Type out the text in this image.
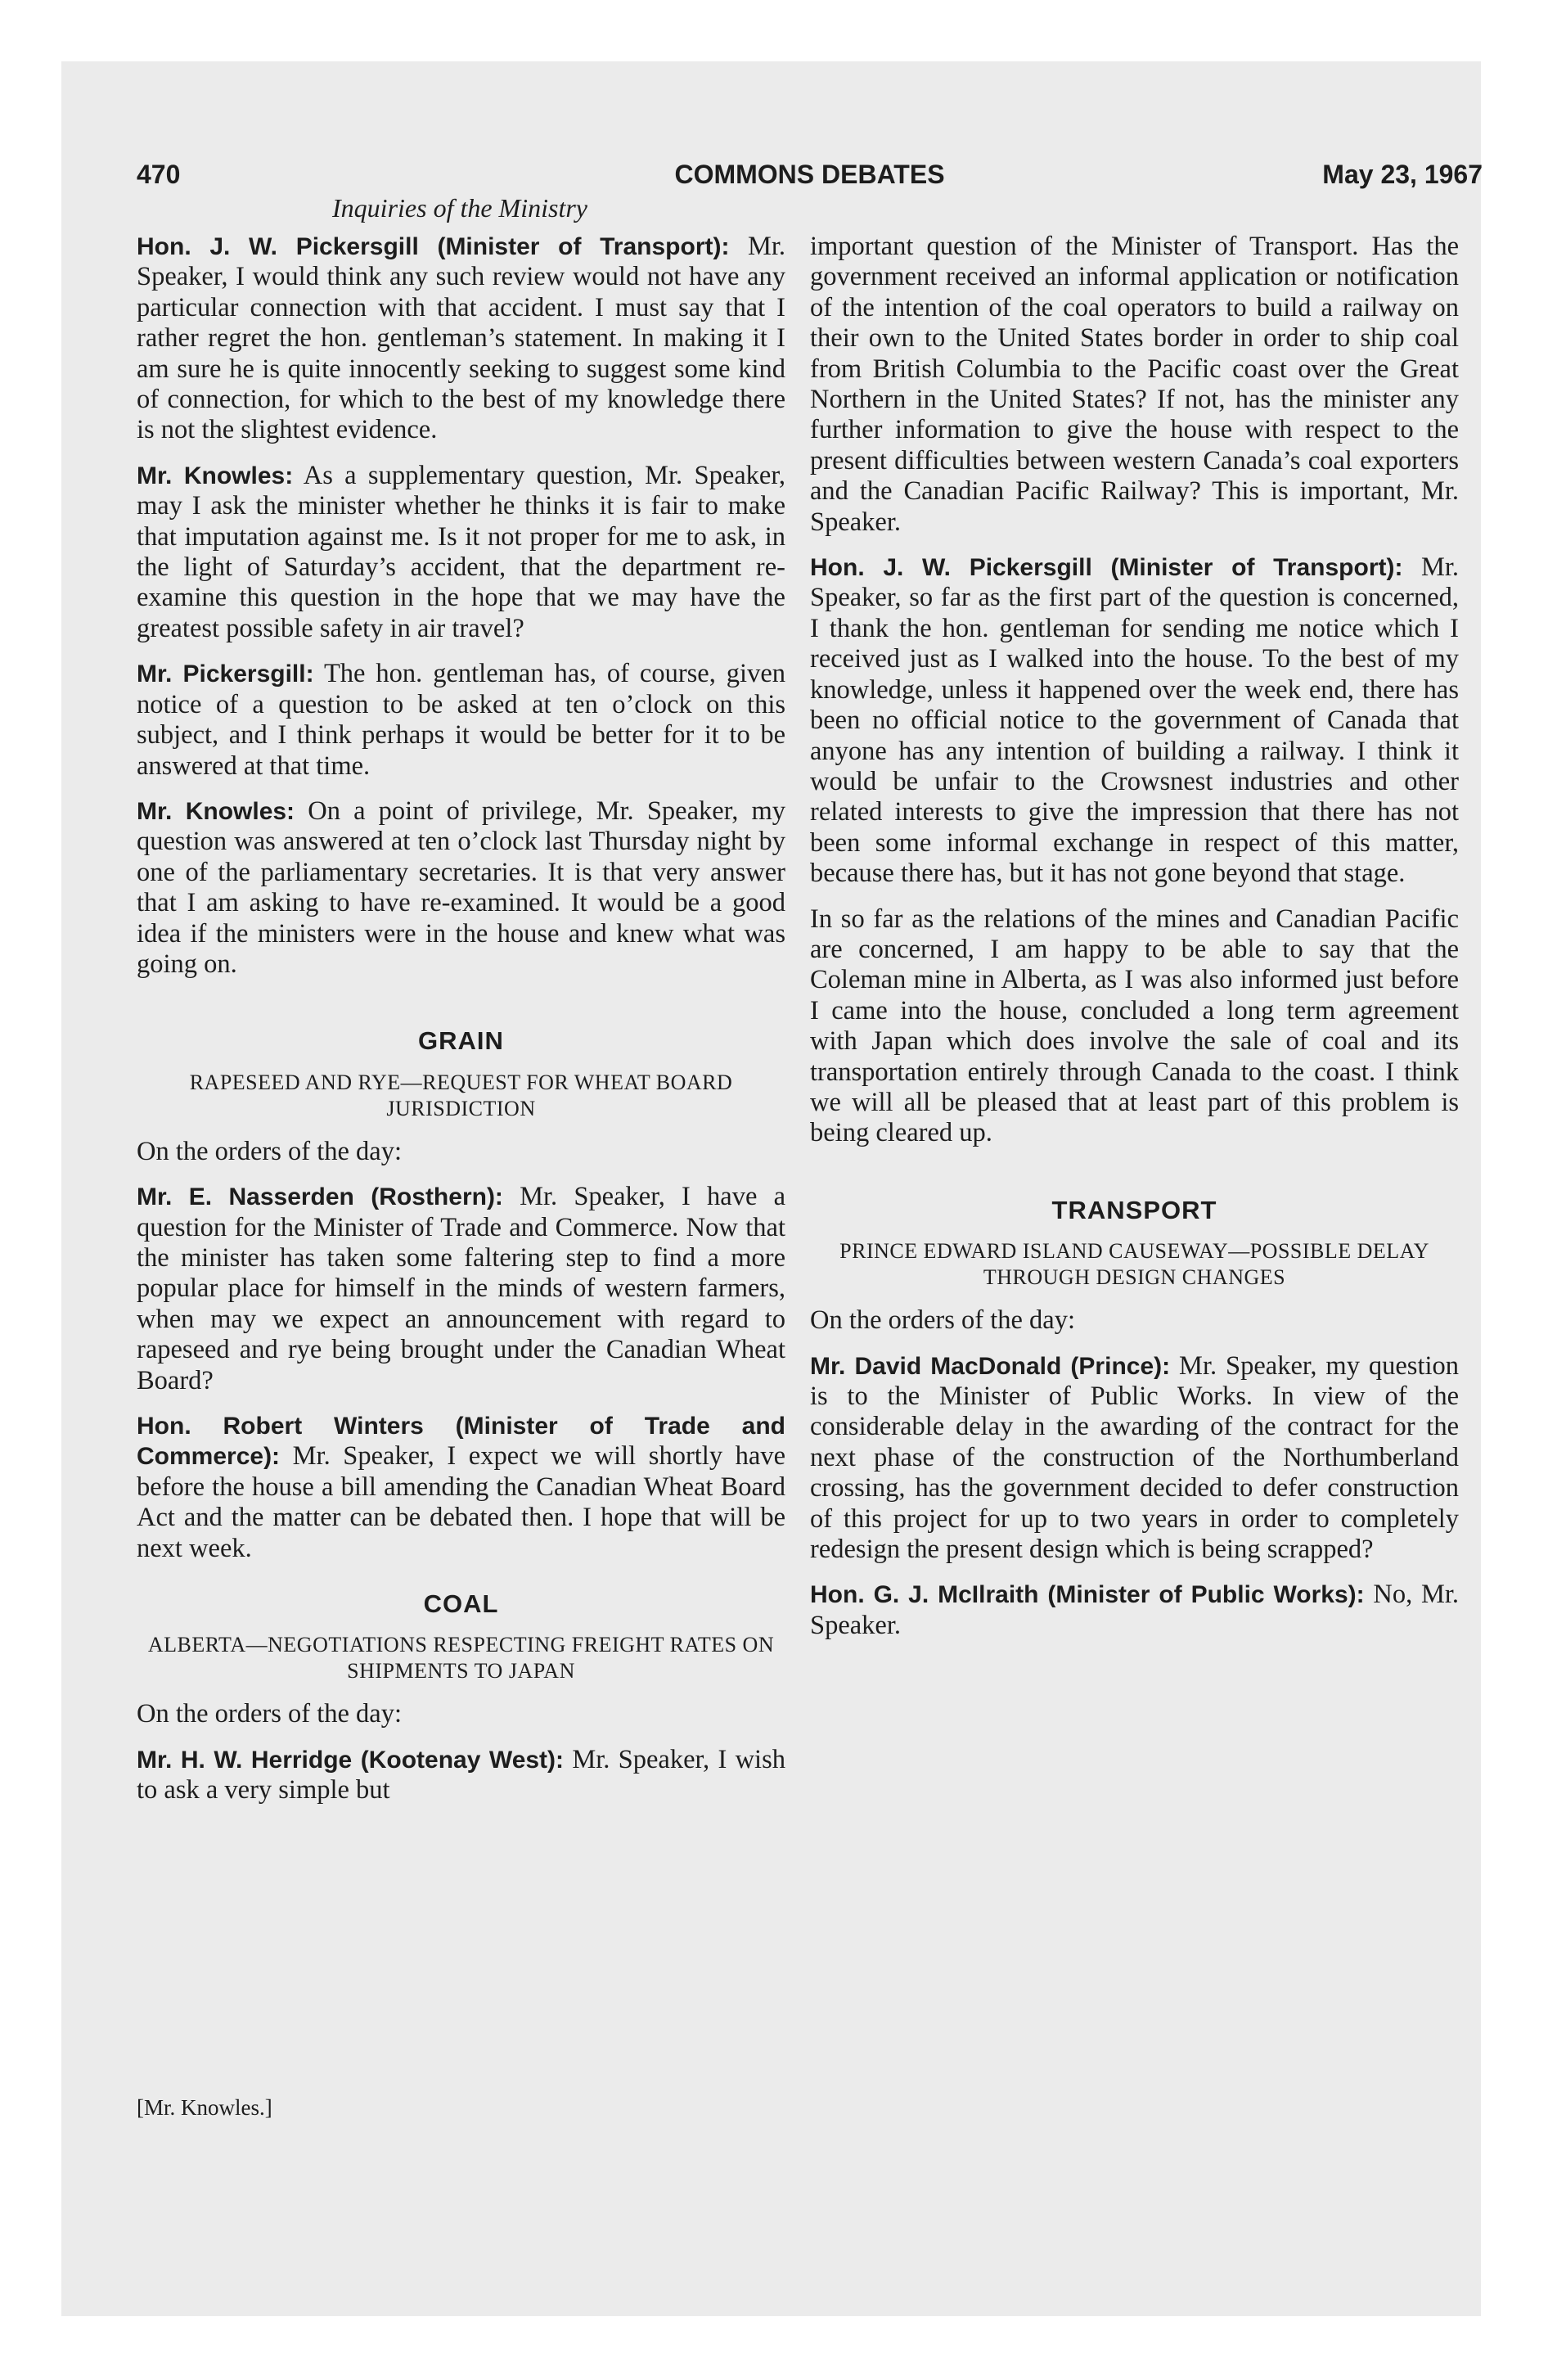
470	COMMONS DEBATES	May 23, 1967
Inquiries of the Ministry

Hon. J. W. Pickersgill (Minister of Transport): Mr. Speaker, I would think any such review would not have any particular connection with that accident. I must say that I rather regret the hon. gentleman’s statement. In making it I am sure he is quite innocently seeking to suggest some kind of connection, for which to the best of my knowledge there is not the slightest evidence.

Mr. Knowles: As a supplementary question, Mr. Speaker, may I ask the minister whether he thinks it is fair to make that imputation against me. Is it not proper for me to ask, in the light of Saturday’s accident, that the department re-examine this question in the hope that we may have the greatest possible safety in air travel?

Mr. Pickersgill: The hon. gentleman has, of course, given notice of a question to be asked at ten o’clock on this subject, and I think perhaps it would be better for it to be answered at that time.

Mr. Knowles: On a point of privilege, Mr. Speaker, my question was answered at ten o’clock last Thursday night by one of the parliamentary secretaries. It is that very answer that I am asking to have re-examined. It would be a good idea if the ministers were in the house and knew what was going on.

GRAIN
RAPESEED AND RYE—REQUEST FOR WHEAT BOARD JURISDICTION
On the orders of the day:

Mr. E. Nasserden (Rosthern): Mr. Speaker, I have a question for the Minister of Trade and Commerce. Now that the minister has taken some faltering step to find a more popular place for himself in the minds of western farmers, when may we expect an announcement with regard to rapeseed and rye being brought under the Canadian Wheat Board?

Hon. Robert Winters (Minister of Trade and Commerce): Mr. Speaker, I expect we will shortly have before the house a bill amending the Canadian Wheat Board Act and the matter can be debated then. I hope that will be next week.

COAL
ALBERTA—NEGOTIATIONS RESPECTING FREIGHT RATES ON SHIPMENTS TO JAPAN
On the orders of the day:

Mr. H. W. Herridge (Kootenay West): Mr. Speaker, I wish to ask a very simple but

important question of the Minister of Transport. Has the government received an informal application or notification of the intention of the coal operators to build a railway on their own to the United States border in order to ship coal from British Columbia to the Pacific coast over the Great Northern in the United States? If not, has the minister any further information to give the house with respect to the present difficulties between western Canada’s coal exporters and the Canadian Pacific Railway? This is important, Mr. Speaker.

Hon. J. W. Pickersgill (Minister of Transport): Mr. Speaker, so far as the first part of the question is concerned, I thank the hon. gentleman for sending me notice which I received just as I walked into the house. To the best of my knowledge, unless it happened over the week end, there has been no official notice to the government of Canada that anyone has any intention of building a railway. I think it would be unfair to the Crowsnest industries and other related interests to give the impression that there has not been some informal exchange in respect of this matter, because there has, but it has not gone beyond that stage.

In so far as the relations of the mines and Canadian Pacific are concerned, I am happy to be able to say that the Coleman mine in Alberta, as I was also informed just before I came into the house, concluded a long term agreement with Japan which does involve the sale of coal and its transportation entirely through Canada to the coast. I think we will all be pleased that at least part of this problem is being cleared up.

TRANSPORT
PRINCE EDWARD ISLAND CAUSEWAY—POSSIBLE DELAY THROUGH DESIGN CHANGES
On the orders of the day:

Mr. David MacDonald (Prince): Mr. Speaker, my question is to the Minister of Public Works. In view of the considerable delay in the awarding of the contract for the next phase of the construction of the Northumberland crossing, has the government decided to defer construction of this project for up to two years in order to completely redesign the present design which is being scrapped?

Hon. G. J. McIlraith (Minister of Public Works): No, Mr. Speaker.

[Mr. Knowles.]
